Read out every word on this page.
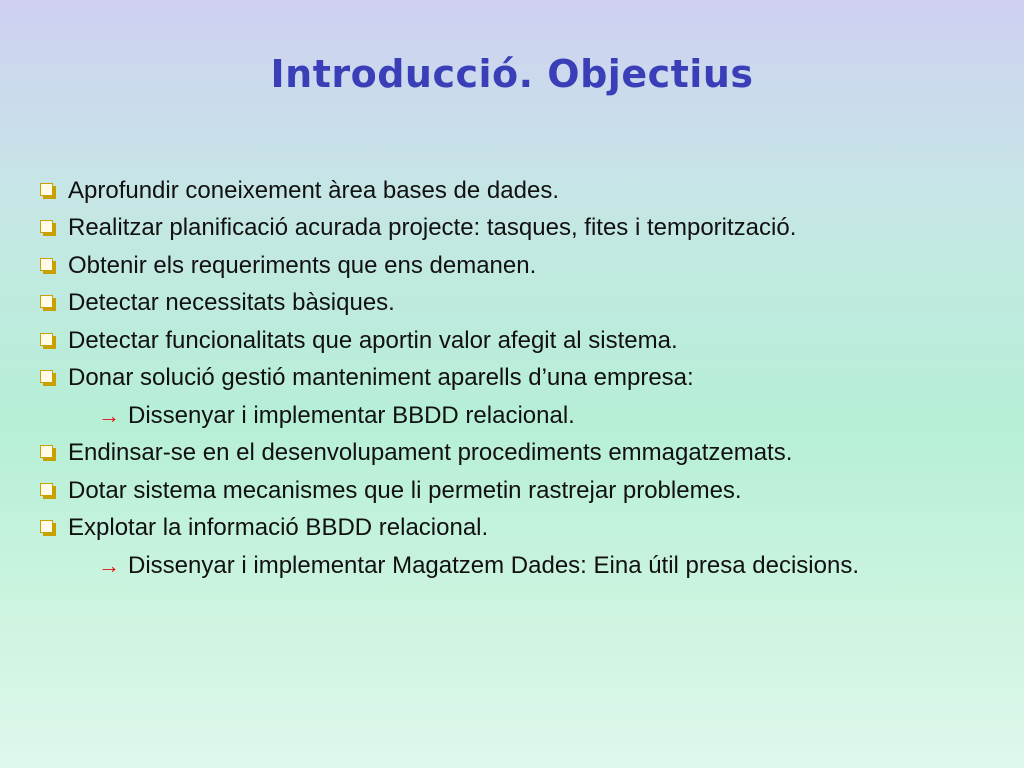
Introducció. Objectius
Aprofundir coneixement àrea bases de dades.
Realitzar planificació acurada projecte: tasques, fites i temporització.
Obtenir els requeriments que ens demanen.
Detectar necessitats bàsiques.
Detectar funcionalitats que aportin valor afegit al sistema.
Donar solució gestió manteniment aparells d’una empresa:
→ Dissenyar i implementar BBDD relacional.
Endinsar-se en el desenvolupament procediments emmagatzemats.
Dotar sistema mecanismes que li permetin rastrejar problemes.
Explotar la informació BBDD relacional.
→ Dissenyar i implementar Magatzem Dades: Eina útil presa decisions.
